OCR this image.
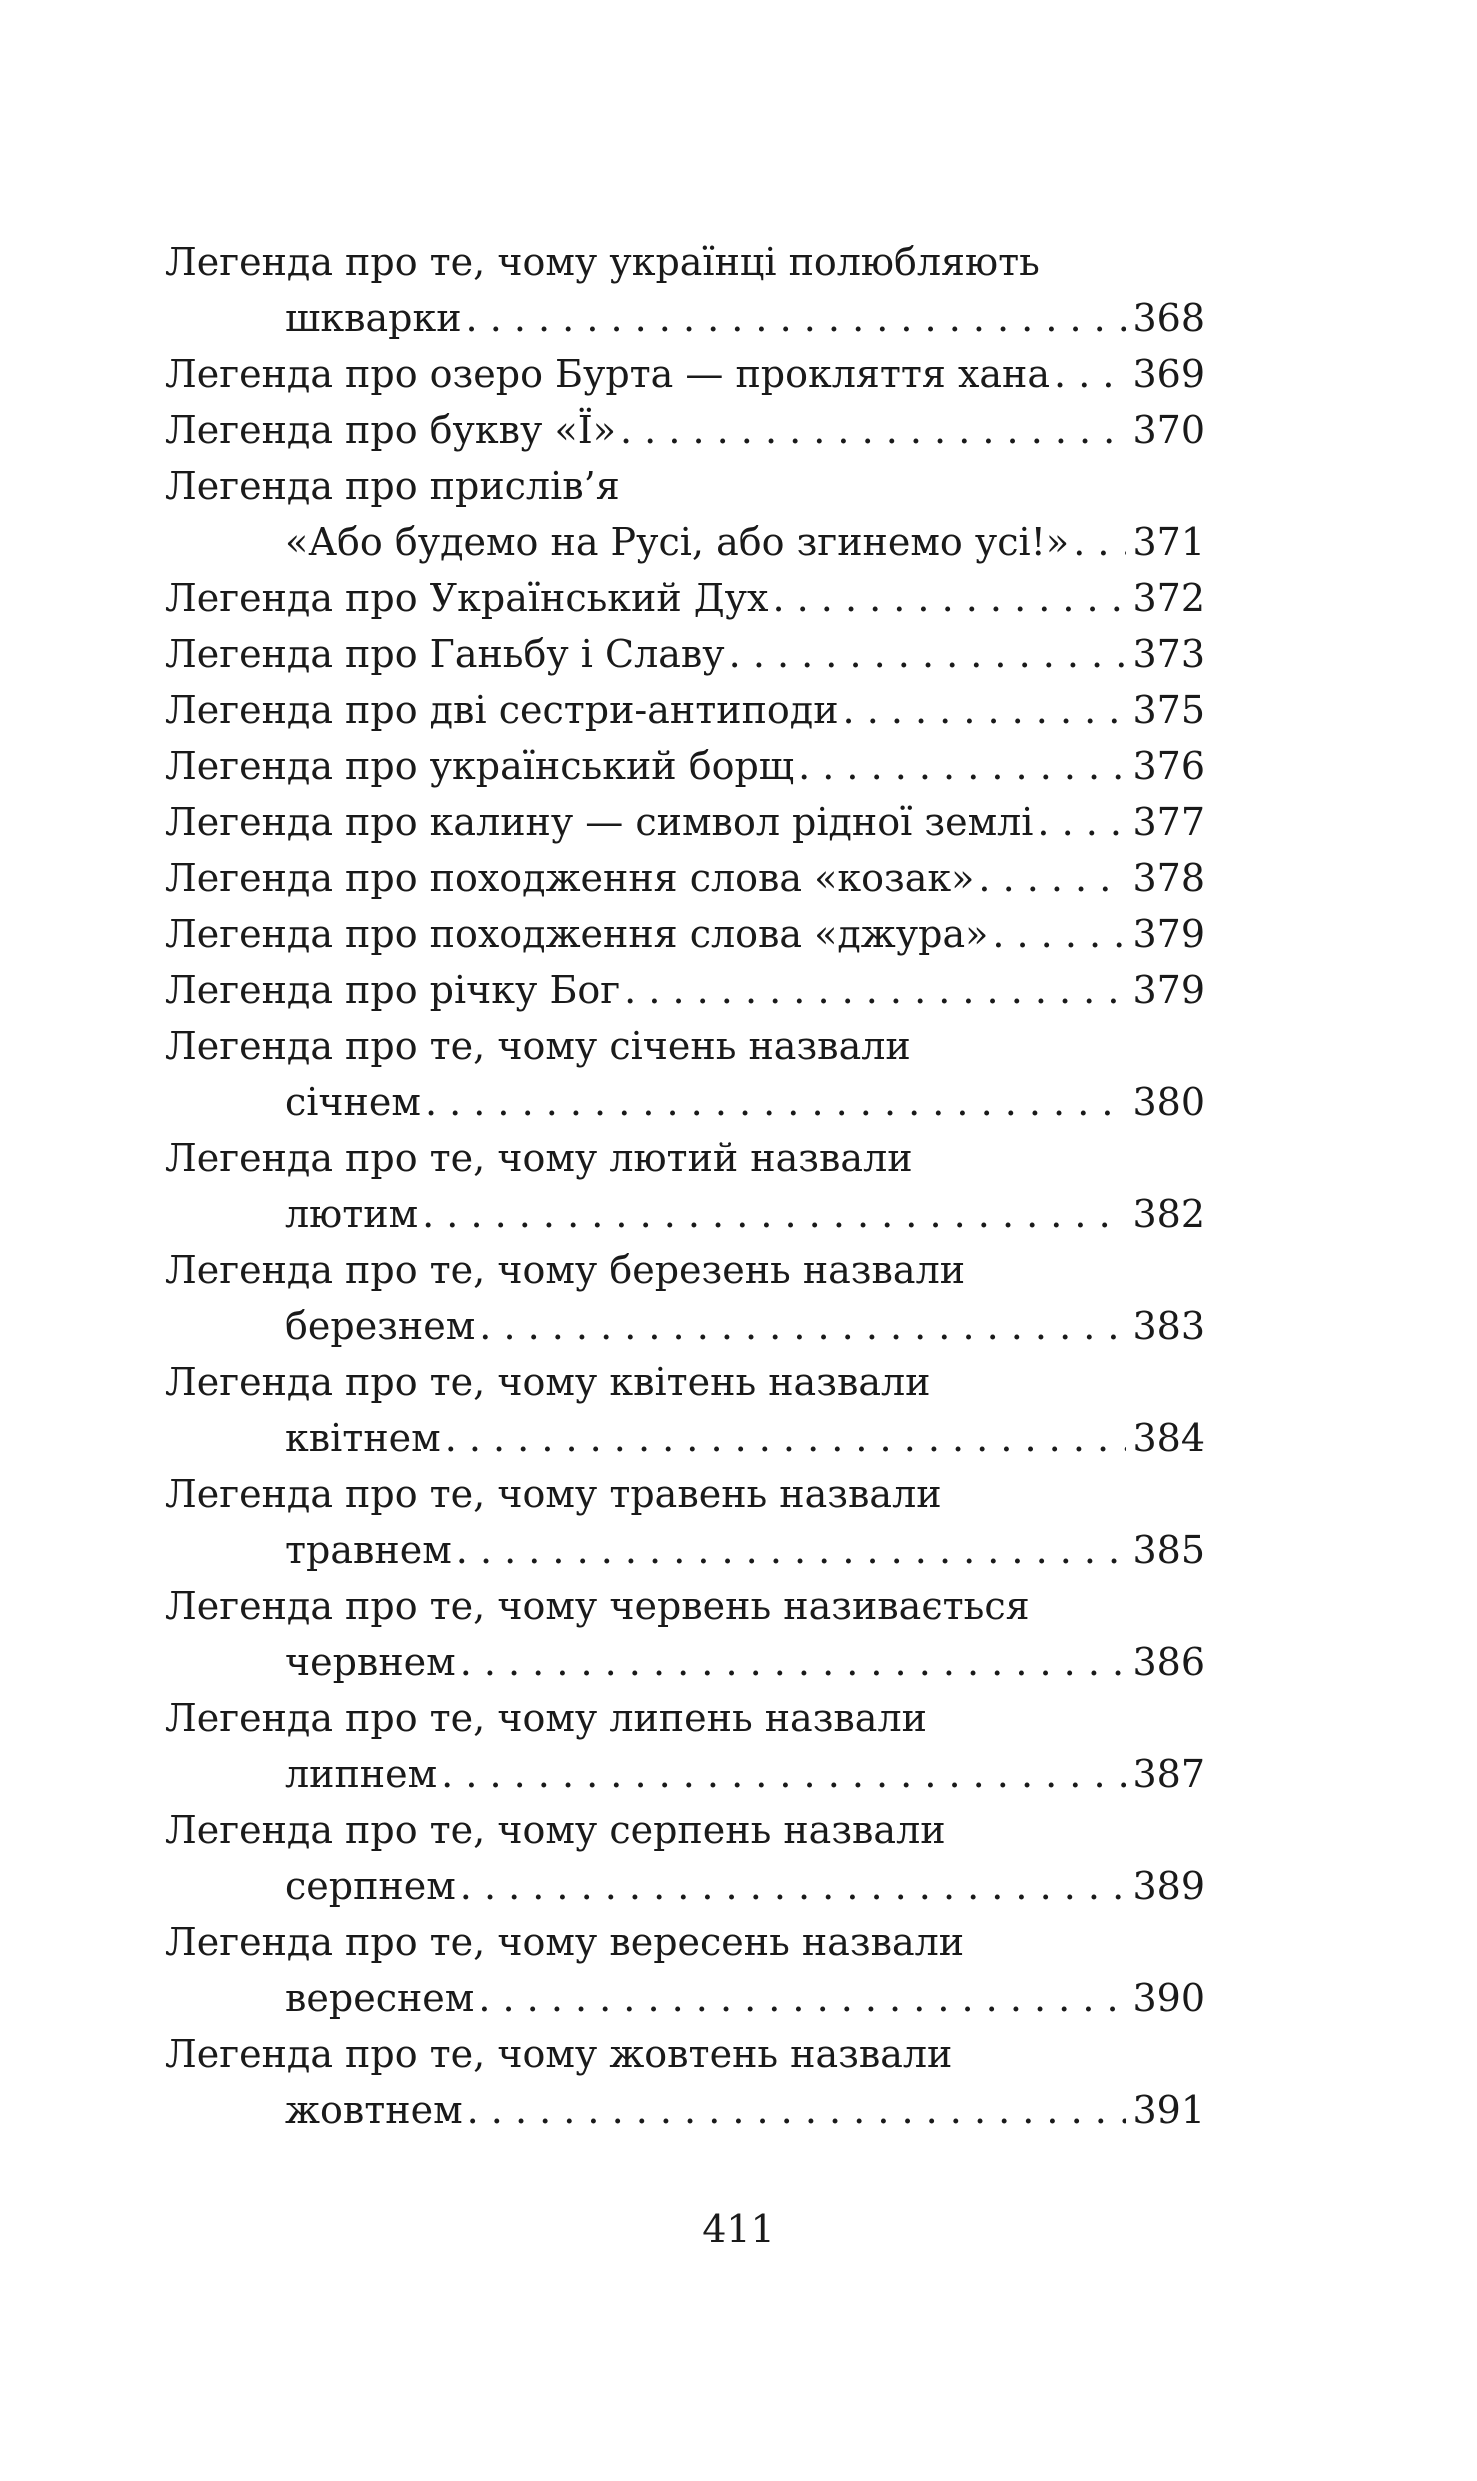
Легенда про те, чому українці полюбляють
шкварки . . .	368
Легенда про озеро Бурта — прокляття хана . . . 369
Легенда про букву «Ї» . . .	370
Легенда про прислів’я
«Або будемо на Русі, або згинемо усі!» . . . 371
Легенда про Український Дух . . .	372
Легенда про Ганьбу і Славу . . .	373
Легенда про дві сестри-антиподи . . .	375
Легенда про український борщ . . .	376
Легенда про калину — символ рідної землі . . .	377
Легенда про походження слова «козак» . . .	378
Легенда про походження слова «джура» . . .	379
Легенда про річку Бог . . .	379
Легенда про те, чому січень назвали
січнем . . .	380
Легенда про те, чому лютий назвали
лютим . . .	382
Легенда про те, чому березень назвали
березнем . . .	383
Легенда про те, чому квітень назвали
квітнем . . .	384
Легенда про те, чому травень назвали
травнем . . .	385
Легенда про те, чому червень називається
червнем . . .	386
Легенда про те, чому липень назвали
липнем . . .	387
Легенда про те, чому серпень назвали
серпнем . . .	389
Легенда про те, чому вересень назвали
вереснем . . .	390
Легенда про те, чому жовтень назвали
жовтнем . . .	391
411
